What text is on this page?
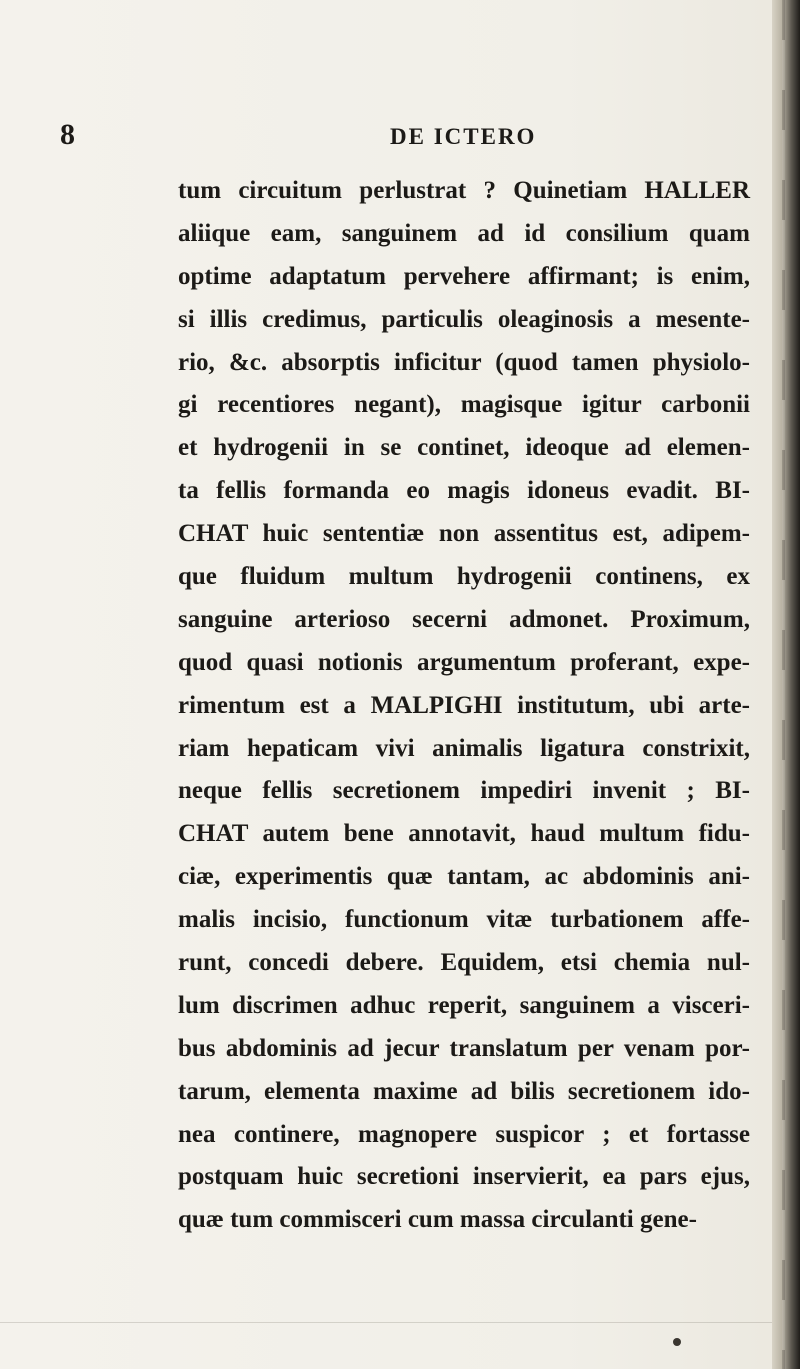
8	DE ICTERO
tum circuitum perlustrat ? Quinetiam HALLER
aliique eam, sanguinem ad id consilium quam
optime adaptatum pervehere affirmant; is enim,
si illis credimus, particulis oleaginosis a mesente-
rio, &c. absorptis inficitur (quod tamen physiolo-
gi recentiores negant), magisque igitur carbonii
et hydrogenii in se continet, ideoque ad elemen-
ta fellis formanda eo magis idoneus evadit. BI-
CHAT huic sententiæ non assentitus est, adipem-
que fluidum multum hydrogenii continens, ex
sanguine arterioso secerni admonet. Proximum,
quod quasi notionis argumentum proferant, expe-
rimentum est a MALPIGHI institutum, ubi arte-
riam hepaticam vivi animalis ligatura constrixit,
neque fellis secretionem impediri invenit ; BI-
CHAT autem bene annotavit, haud multum fidu-
ciæ, experimentis quæ tantam, ac abdominis ani-
malis incisio, functionum vitæ turbationem affe-
runt, concedi debere. Equidem, etsi chemia nul-
lum discrimen adhuc reperit, sanguinem a visceri-
bus abdominis ad jecur translatum per venam por-
tarum, elementa maxime ad bilis secretionem ido-
nea continere, magnopere suspicor ; et fortasse
postquam huic secretioni inservierit, ea pars ejus,
quæ tum commisceri cum massa circulanti gene-
